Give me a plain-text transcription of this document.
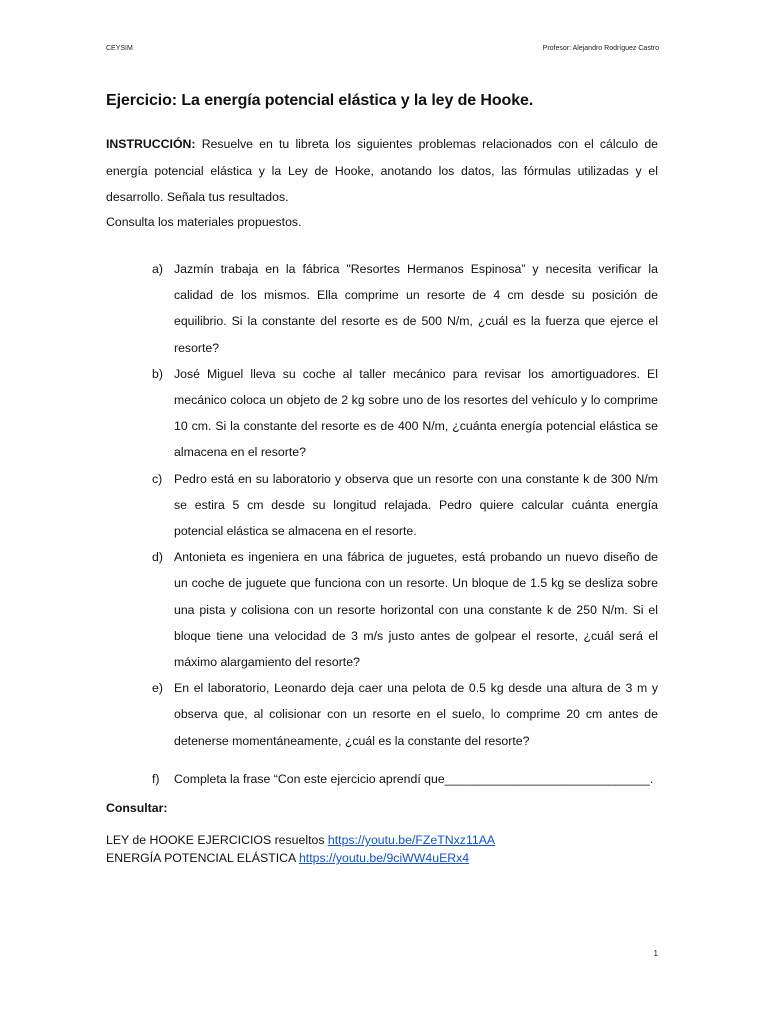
CEYSIM	Profesor: Alejandro Rodríguez Castro
Ejercicio: La energía potencial elástica y la ley de Hooke.
INSTRUCCIÓN: Resuelve en tu libreta los siguientes problemas relacionados con el cálculo de energía potencial elástica y la Ley de Hooke, anotando los datos, las fórmulas utilizadas y el desarrollo. Señala tus resultados.
Consulta los materiales propuestos.
a) Jazmín trabaja en la fábrica "Resortes Hermanos Espinosa” y necesita verificar la calidad de los mismos. Ella comprime un resorte de 4 cm desde su posición de equilibrio. Si la constante del resorte es de 500 N/m, ¿cuál es la fuerza que ejerce el resorte?
b) José Miguel lleva su coche al taller mecánico para revisar los amortiguadores. El mecánico coloca un objeto de 2 kg sobre uno de los resortes del vehículo y lo comprime 10 cm. Si la constante del resorte es de 400 N/m, ¿cuánta energía potencial elástica se almacena en el resorte?
c) Pedro está en su laboratorio y observa que un resorte con una constante k de 300 N/m se estira 5 cm desde su longitud relajada. Pedro quiere calcular cuánta energía potencial elástica se almacena en el resorte.
d) Antonieta es ingeniera en una fábrica de juguetes, está probando un nuevo diseño de un coche de juguete que funciona con un resorte. Un bloque de 1.5 kg se desliza sobre una pista y colisiona con un resorte horizontal con una constante k de 250 N/m. Si el bloque tiene una velocidad de 3 m/s justo antes de golpear el resorte, ¿cuál será el máximo alargamiento del resorte?
e) En el laboratorio, Leonardo deja caer una pelota de 0.5 kg desde una altura de 3 m y observa que, al colisionar con un resorte en el suelo, lo comprime 20 cm antes de detenerse momentáneamente, ¿cuál es la constante del resorte?
f) Completa la frase “Con este ejercicio aprendí que______________________________.
Consultar:
LEY de HOOKE EJERCICIOS resueltos https://youtu.be/FZeTNxz11AA
ENERGÍA POTENCIAL ELÁSTICA https://youtu.be/9ciWW4uERx4
1
